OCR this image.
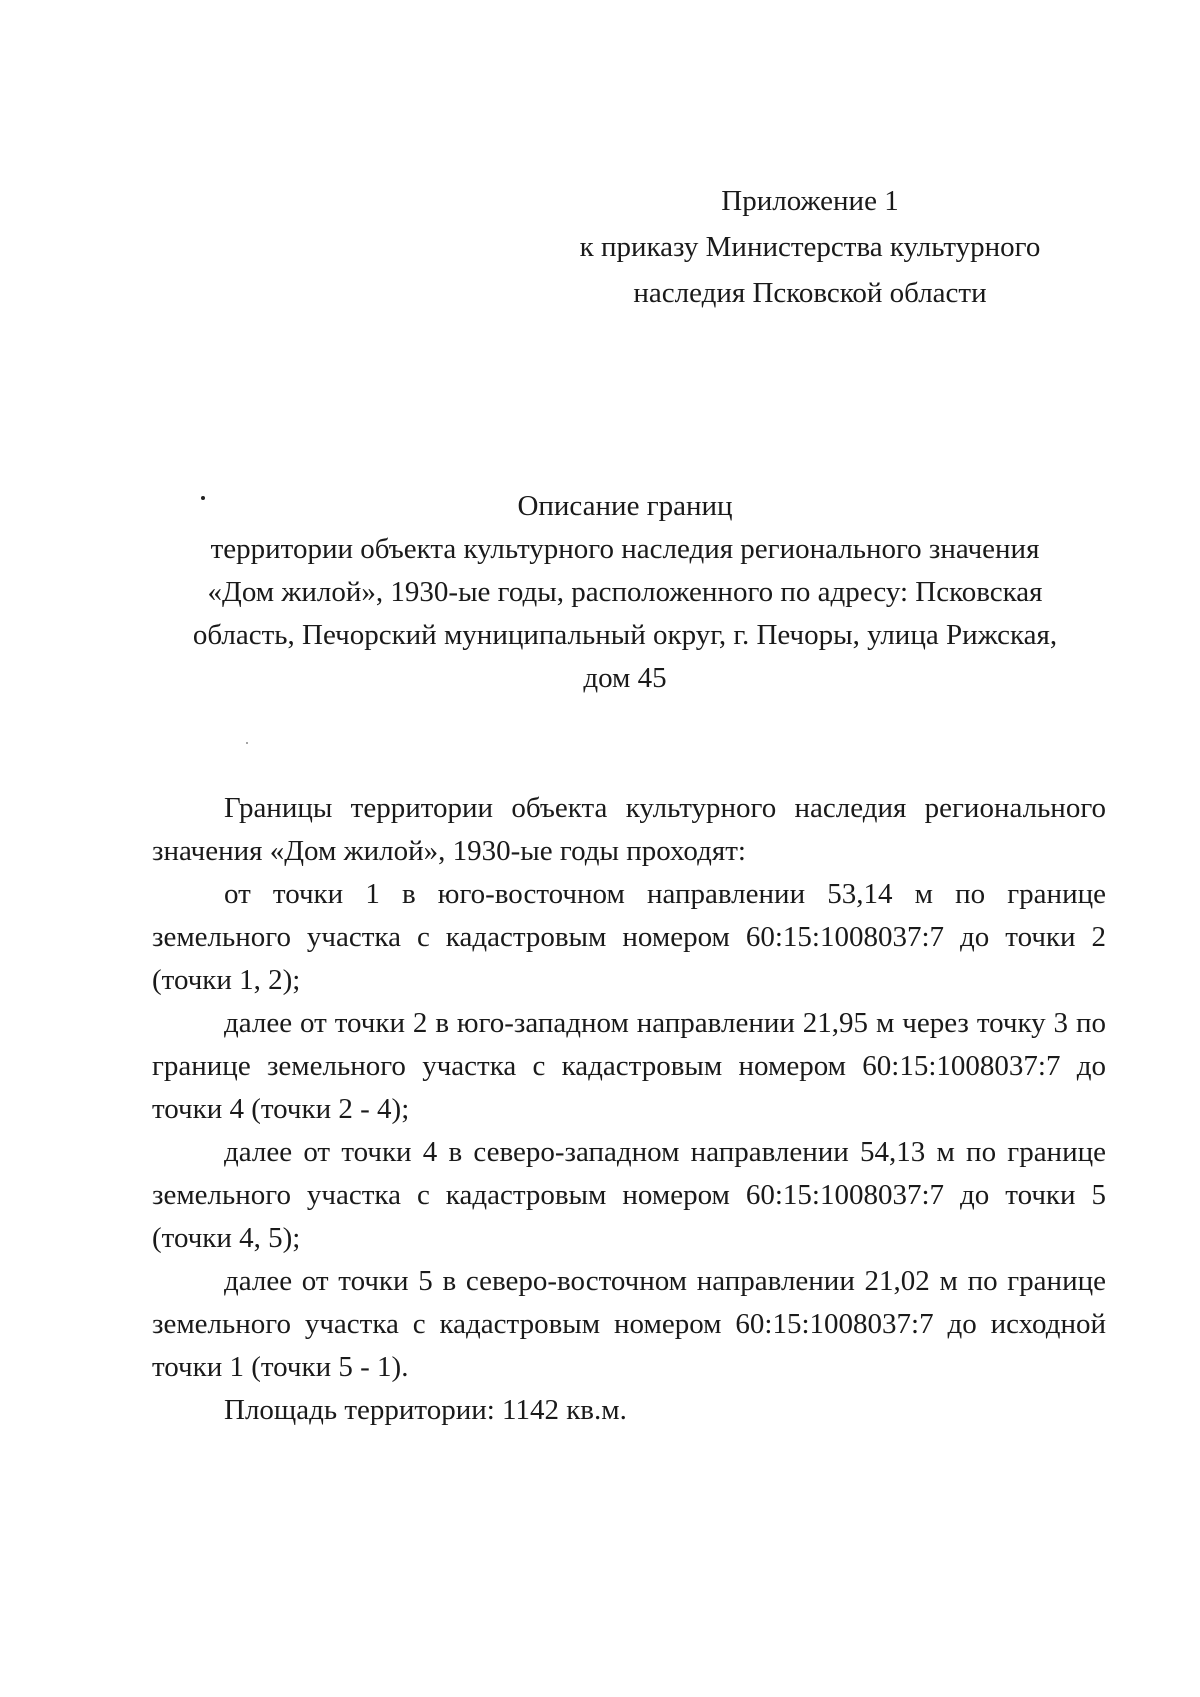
Приложение 1
к приказу Министерства культурного
наследия Псковской области
Описание границ
территории объекта культурного наследия регионального значения
«Дом жилой», 1930-ые годы, расположенного по адресу: Псковская
область, Печорский муниципальный округ, г. Печоры, улица Рижская,
дом 45

Границы территории объекта культурного наследия регионального значения «Дом жилой», 1930-ые годы проходят:

от точки 1 в юго-восточном направлении 53,14 м по границе земельного участка с кадастровым номером 60:15:1008037:7 до точки 2 (точки 1, 2);

далее от точки 2 в юго-западном направлении 21,95 м через точку 3 по границе земельного участка с кадастровым номером 60:15:1008037:7 до точки 4 (точки 2 - 4);

далее от точки 4 в северо-западном направлении 54,13 м по границе земельного участка с кадастровым номером 60:15:1008037:7 до точки 5 (точки 4, 5);

далее от точки 5 в северо-восточном направлении 21,02 м по границе земельного участка с кадастровым номером 60:15:1008037:7 до исходной точки 1 (точки 5 - 1).

Площадь территории: 1142 кв.м.
